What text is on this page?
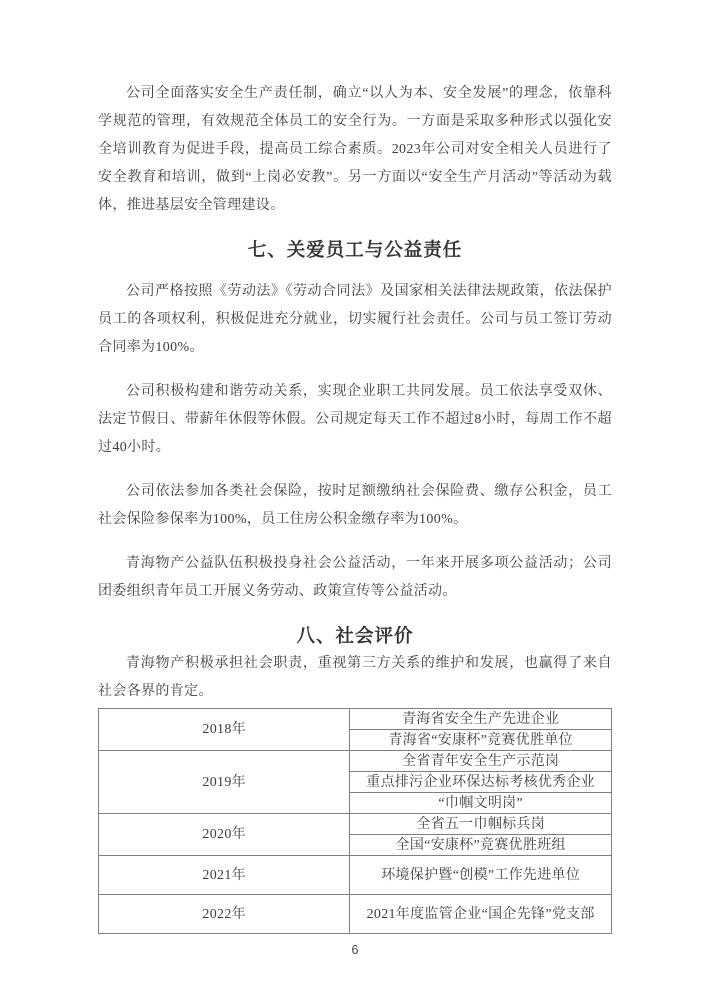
公司全面落实安全生产责任制，确立“以人为本、安全发展”的理念，依靠科学规范的管理，有效规范全体员工的安全行为。一方面是采取多种形式以强化安全培训教育为促进手段，提高员工综合素质。2023年公司对安全相关人员进行了安全教育和培训，做到“上岗必安教”。另一方面以“安全生产月活动”等活动为载体，推进基层安全管理建设。

七、关爱员工与公益责任

公司严格按照《劳动法》《劳动合同法》及国家相关法律法规政策，依法保护员工的各项权利，积极促进充分就业，切实履行社会责任。公司与员工签订劳动合同率为100%。

公司积极构建和谐劳动关系，实现企业职工共同发展。员工依法享受双休、法定节假日、带薪年休假等休假。公司规定每天工作不超过8小时，每周工作不超过40小时。

公司依法参加各类社会保险，按时足额缴纳社会保险费、缴存公积金，员工社会保险参保率为100%，员工住房公积金缴存率为100%。

青海物产公益队伍积极投身社会公益活动，一年来开展多项公益活动；公司团委组织青年员工开展义务劳动、政策宣传等公益活动。

八、社会评价

青海物产积极承担社会职责，重视第三方关系的维护和发展，也赢得了来自社会各界的肯定。

2018年	青海省安全生产先进企业
	青海省“安康杯”竞赛优胜单位
2019年	全省青年安全生产示范岗
	重点排污企业环保达标考核优秀企业
	“巾帼文明岗”
2020年	全省五一巾帼标兵岗
	全国“安康杯”竞赛优胜班组
2021年	环境保护暨“创模”工作先进单位
2022年	2021年度监管企业“国企先锋”党支部
6
